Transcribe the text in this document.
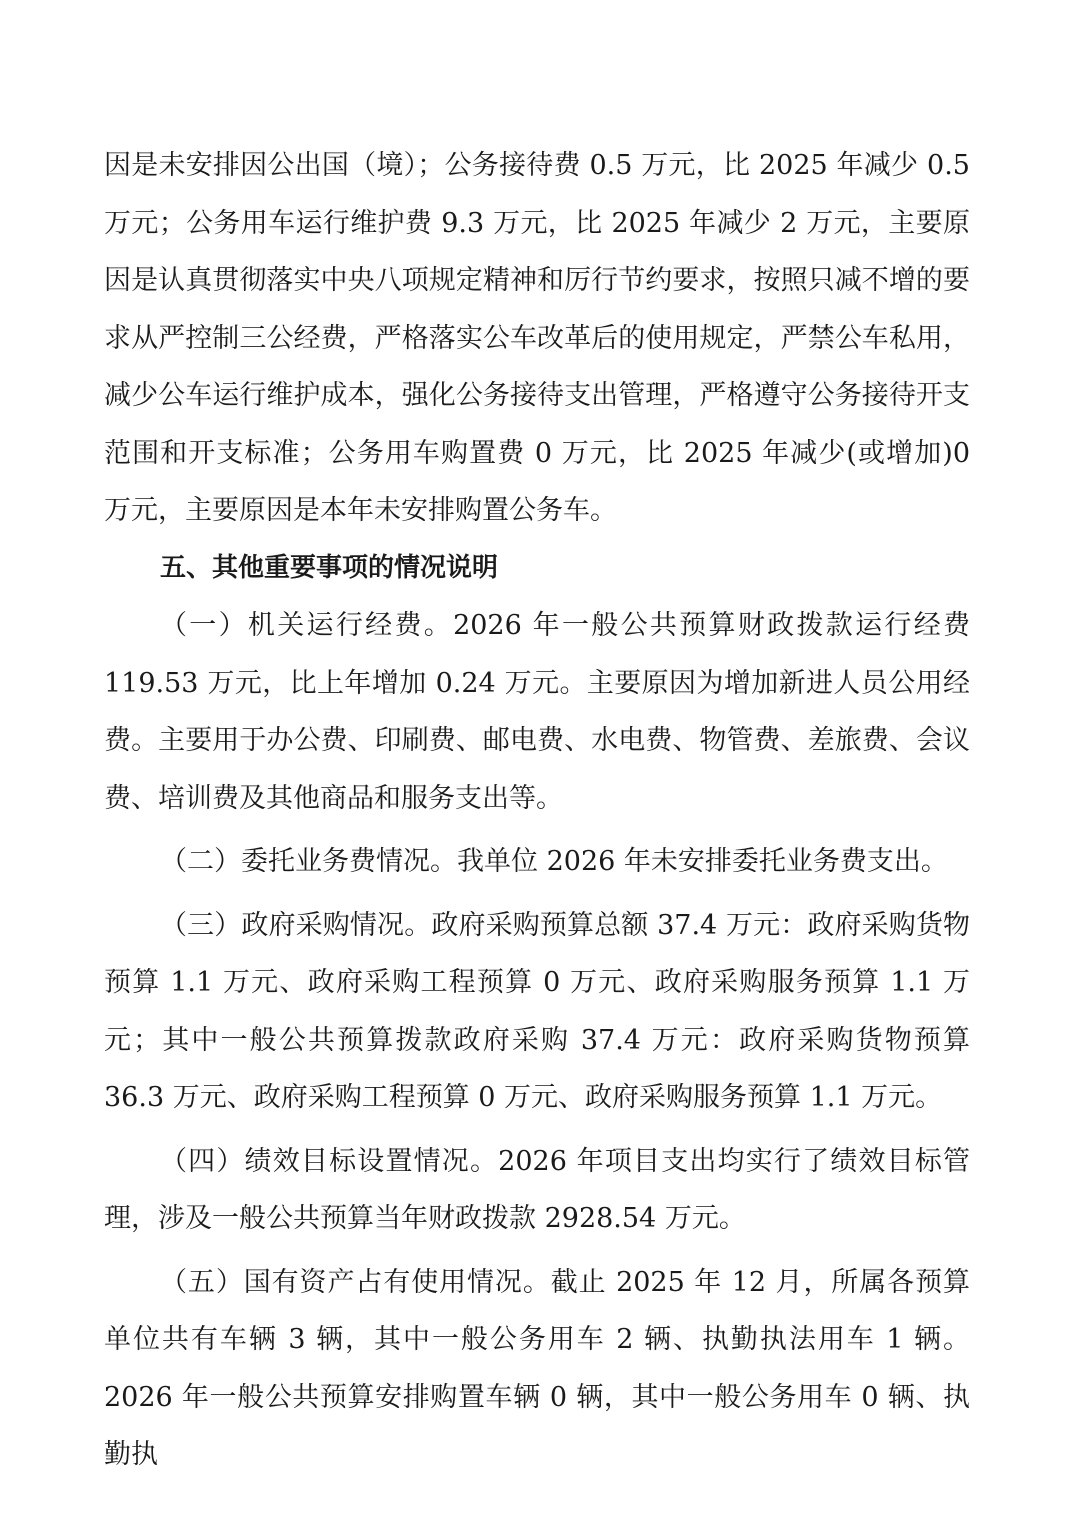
因是未安排因公出国（境）；公务接待费 0.5 万元，比 2025 年减少 0.5 万元；公务用车运行维护费 9.3 万元，比 2025 年减少 2 万元，主要原因是认真贯彻落实中央八项规定精神和厉行节约要求，按照只减不增的要求从严控制三公经费，严格落实公车改革后的使用规定，严禁公车私用，减少公车运行维护成本，强化公务接待支出管理，严格遵守公务接待开支范围和开支标准；公务用车购置费 0 万元，比 2025 年减少(或增加)0 万元，主要原因是本年未安排购置公务车。

五、其他重要事项的情况说明

（一）机关运行经费。2026 年一般公共预算财政拨款运行经费 119.53 万元，比上年增加 0.24 万元。主要原因为增加新进人员公用经费。主要用于办公费、印刷费、邮电费、水电费、物管费、差旅费、会议费、培训费及其他商品和服务支出等。

（二）委托业务费情况。我单位 2026 年未安排委托业务费支出。

（三）政府采购情况。政府采购预算总额 37.4 万元：政府采购货物预算 1.1 万元、政府采购工程预算 0 万元、政府采购服务预算 1.1 万元；其中一般公共预算拨款政府采购 37.4 万元：政府采购货物预算 36.3 万元、政府采购工程预算 0 万元、政府采购服务预算 1.1 万元。

（四）绩效目标设置情况。2026 年项目支出均实行了绩效目标管理，涉及一般公共预算当年财政拨款 2928.54 万元。

（五）国有资产占有使用情况。截止 2025 年 12 月，所属各预算单位共有车辆 3 辆，其中一般公务用车 2 辆、执勤执法用车 1 辆。2026 年一般公共预算安排购置车辆 0 辆，其中一般公务用车 0 辆、执勤执
